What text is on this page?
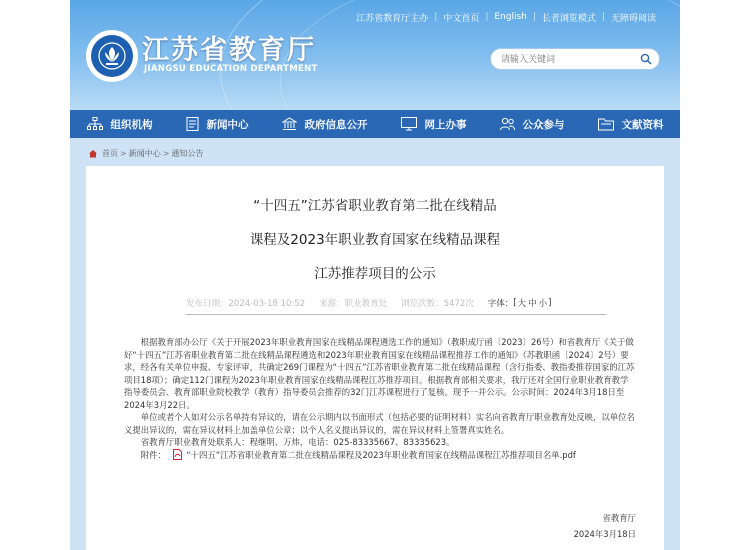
江苏省教育厅主办 | 中文首页 | English | 长者浏览模式 | 无障碍阅读
江苏省教育厅
JIANGSU EDUCATION DEPARTMENT
请输入关键词
组织机构	新闻中心	政府信息公开	网上办事	公众参与	文献资料
首页 > 新闻中心 > 通知公告
“十四五”江苏省职业教育第二批在线精品
课程及2023年职业教育国家在线精品课程
江苏推荐项目的公示
发布日期：2024-03-18 10:52 来源：职业教育处 浏览次数：5472次 字体： [ 大 中 小 ]

根据教育部办公厅《关于开展2023年职业教育国家在线精品课程遴选工作的通知》（教职成厅函〔2023〕26号）和省教育厅《关于做好“十四五”江苏省职业教育第二批在线精品课程遴选和2023年职业教育国家在线精品课程推荐工作的通知》（苏教职函〔2024〕2号）要求，经各有关单位申报、专家评审，共确定269门课程为“十四五”江苏省职业教育第二批在线精品课程（含行指委、教指委推荐国家的江苏项目18项）；确定112门课程为2023年职业教育国家在线精品课程江苏推荐项目。根据教育部相关要求，我厅还对全国行业职业教育教学指导委员会、教育部职业院校教学（教育）指导委员会推荐的32门江苏课程进行了复核。现予一并公示。公示时间：2024年3月18日至2024年3月22日。

单位或者个人如对公示名单持有异议的，请在公示期内以书面形式（包括必要的证明材料）实名向省教育厅职业教育处反映，以单位名义提出异议的，需在异议材料上加盖单位公章；以个人名义提出异议的，需在异议材料上签署真实姓名。

省教育厅职业教育处联系人：程继明、万炜，电话：025-83335667、83335623。

附件： “十四五”江苏省职业教育第二批在线精品课程及2023年职业教育国家在线精品课程江苏推荐项目名单.pdf

省教育厅
2024年3月18日
